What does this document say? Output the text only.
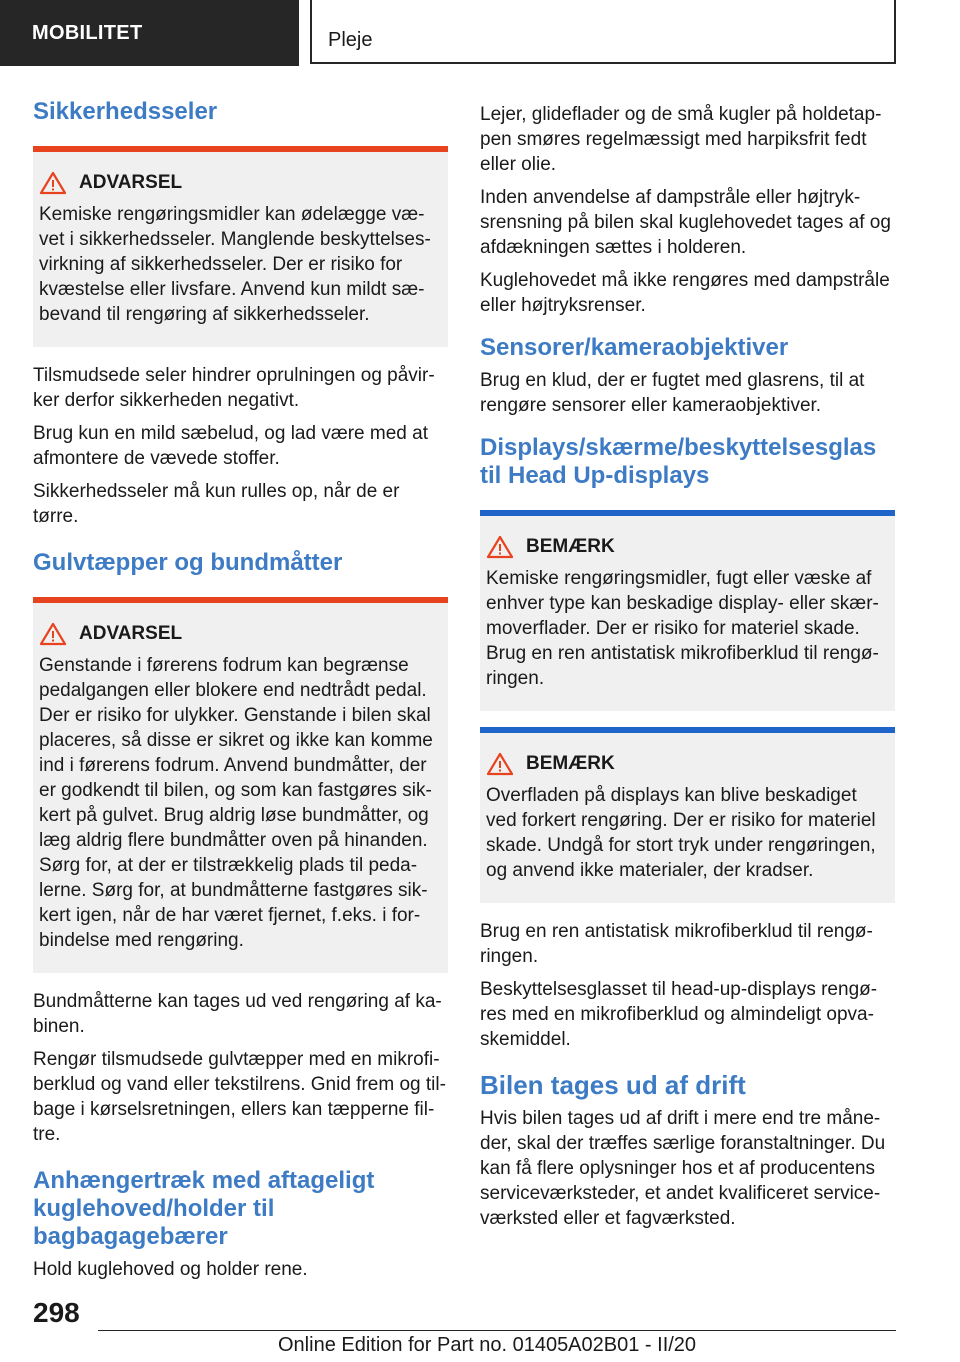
MOBILITET	Pleje
Sikkerhedsseler
ADVARSEL

Kemiske rengøringsmidler kan ødelægge vævet i sikkerhedsseler. Manglende beskyttelsesvirkning af sikkerhedsseler. Der er risiko for kvæstelse eller livsfare. Anvend kun mildt sæbevand til rengøring af sikkerhedsseler.

Tilsmudsede seler hindrer oprulningen og påvirker derfor sikkerheden negativt.

Brug kun en mild sæbelud, og lad være med at afmontere de vævede stoffer.

Sikkerhedsseler må kun rulles op, når de er tørre.

Gulvtæpper og bundmåtter
ADVARSEL

Genstande i førerens fodrum kan begrænse pedalgangen eller blokere end nedtrådt pedal. Der er risiko for ulykker. Genstande i bilen skal placeres, så disse er sikret og ikke kan komme ind i førerens fodrum. Anvend bundmåtter, der er godkendt til bilen, og som kan fastgøres sikkert på gulvet. Brug aldrig løse bundmåtter, og læg aldrig flere bundmåtter oven på hinanden. Sørg for, at der er tilstrækkelig plads til pedalerne. Sørg for, at bundmåtterne fastgøres sikkert igen, når de har været fjernet, f.eks. i forbindelse med rengøring.

Bundmåtterne kan tages ud ved rengøring af kabinen.

Rengør tilsmudsede gulvtæpper med en mikrofiberklud og vand eller tekstilrens. Gnid frem og tilbage i kørselsretningen, ellers kan tæpperne filtre.

Anhængertræk med aftageligt kuglehoved/holder til bagbagagebærer

Hold kuglehoved og holder rene.

Lejer, glideflader og de små kugler på holdetappen smøres regelmæssigt med harpiksfrit fedt eller olie.

Inden anvendelse af dampstråle eller højtryksrensning på bilen skal kuglehovedet tages af og afdækningen sættes i holderen.

Kuglehovedet må ikke rengøres med dampstråle eller højtryksrenser.

Sensorer/kameraobjektiver

Brug en klud, der er fugtet med glasrens, til at rengøre sensorer eller kameraobjektiver.

Displays/skærme/beskyttelsesglas til Head Up-displays
BEMÆRK

Kemiske rengøringsmidler, fugt eller væske af enhver type kan beskadige display- eller skærmoverflader. Der er risiko for materiel skade. Brug en ren antistatisk mikrofiberklud til rengøringen.

BEMÆRK

Overfladen på displays kan blive beskadiget ved forkert rengøring. Der er risiko for materiel skade. Undgå for stort tryk under rengøringen, og anvend ikke materialer, der kradser.

Brug en ren antistatisk mikrofiberklud til rengøringen.

Beskyttelsesglasset til head-up-displays rengøres med en mikrofiberklud og almindeligt opvaskemiddel.

Bilen tages ud af drift

Hvis bilen tages ud af drift i mere end tre måneder, skal der træffes særlige foranstaltninger. Du kan få flere oplysninger hos et af producentens serviceværksteder, et andet kvalificeret serviceværksted eller et fagværksted.

298
Online Edition for Part no. 01405A02B01 - II/20
